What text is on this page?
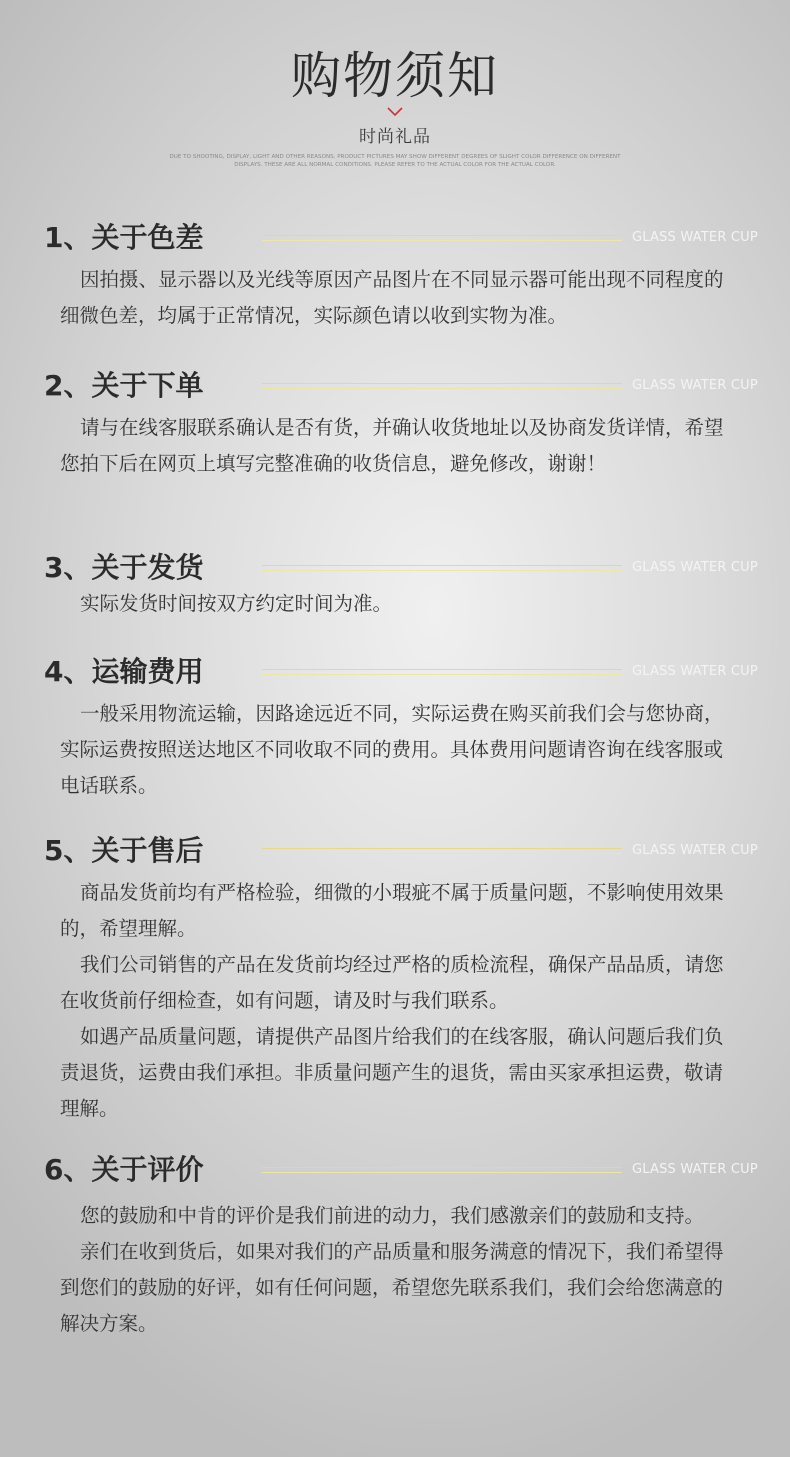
购物须知
时尚礼品
DUE TO SHOOTING, DISPLAY, LIGHT AND OTHER REASONS, PRODUCT PICTURES MAY SHOW DIFFERENT DEGREES OF SLIGHT COLOR DIFFERENCE ON DIFFERENT DISPLAYS. THESE ARE ALL NORMAL CONDITIONS. PLEASE REFER TO THE ACTUAL COLOR FOR THE ACTUAL COLOR.
1、关于色差	GLASS WATER CUP

因拍摄、显示器以及光线等原因产品图片在不同显示器可能出现不同程度的细微色差，均属于正常情况，实际颜色请以收到实物为准。

2、关于下单	GLASS WATER CUP

请与在线客服联系确认是否有货，并确认收货地址以及协商发货详情，希望您拍下后在网页上填写完整准确的收货信息，避免修改，谢谢！

3、关于发货	GLASS WATER CUP

实际发货时间按双方约定时间为准。

4、运输费用	GLASS WATER CUP

一般采用物流运输，因路途远近不同，实际运费在购买前我们会与您协商，实际运费按照送达地区不同收取不同的费用。具体费用问题请咨询在线客服或电话联系。

5、关于售后	GLASS WATER CUP

商品发货前均有严格检验，细微的小瑕疵不属于质量问题，不影响使用效果的，希望理解。

我们公司销售的产品在发货前均经过严格的质检流程，确保产品品质，请您在收货前仔细检查，如有问题，请及时与我们联系。

如遇产品质量问题，请提供产品图片给我们的在线客服，确认问题后我们负责退货，运费由我们承担。非质量问题产生的退货，需由买家承担运费，敬请理解。

6、关于评价	GLASS WATER CUP

您的鼓励和中肯的评价是我们前进的动力，我们感激亲们的鼓励和支持。

亲们在收到货后，如果对我们的产品质量和服务满意的情况下，我们希望得到您们的鼓励的好评，如有任何问题，希望您先联系我们，我们会给您满意的解决方案。
